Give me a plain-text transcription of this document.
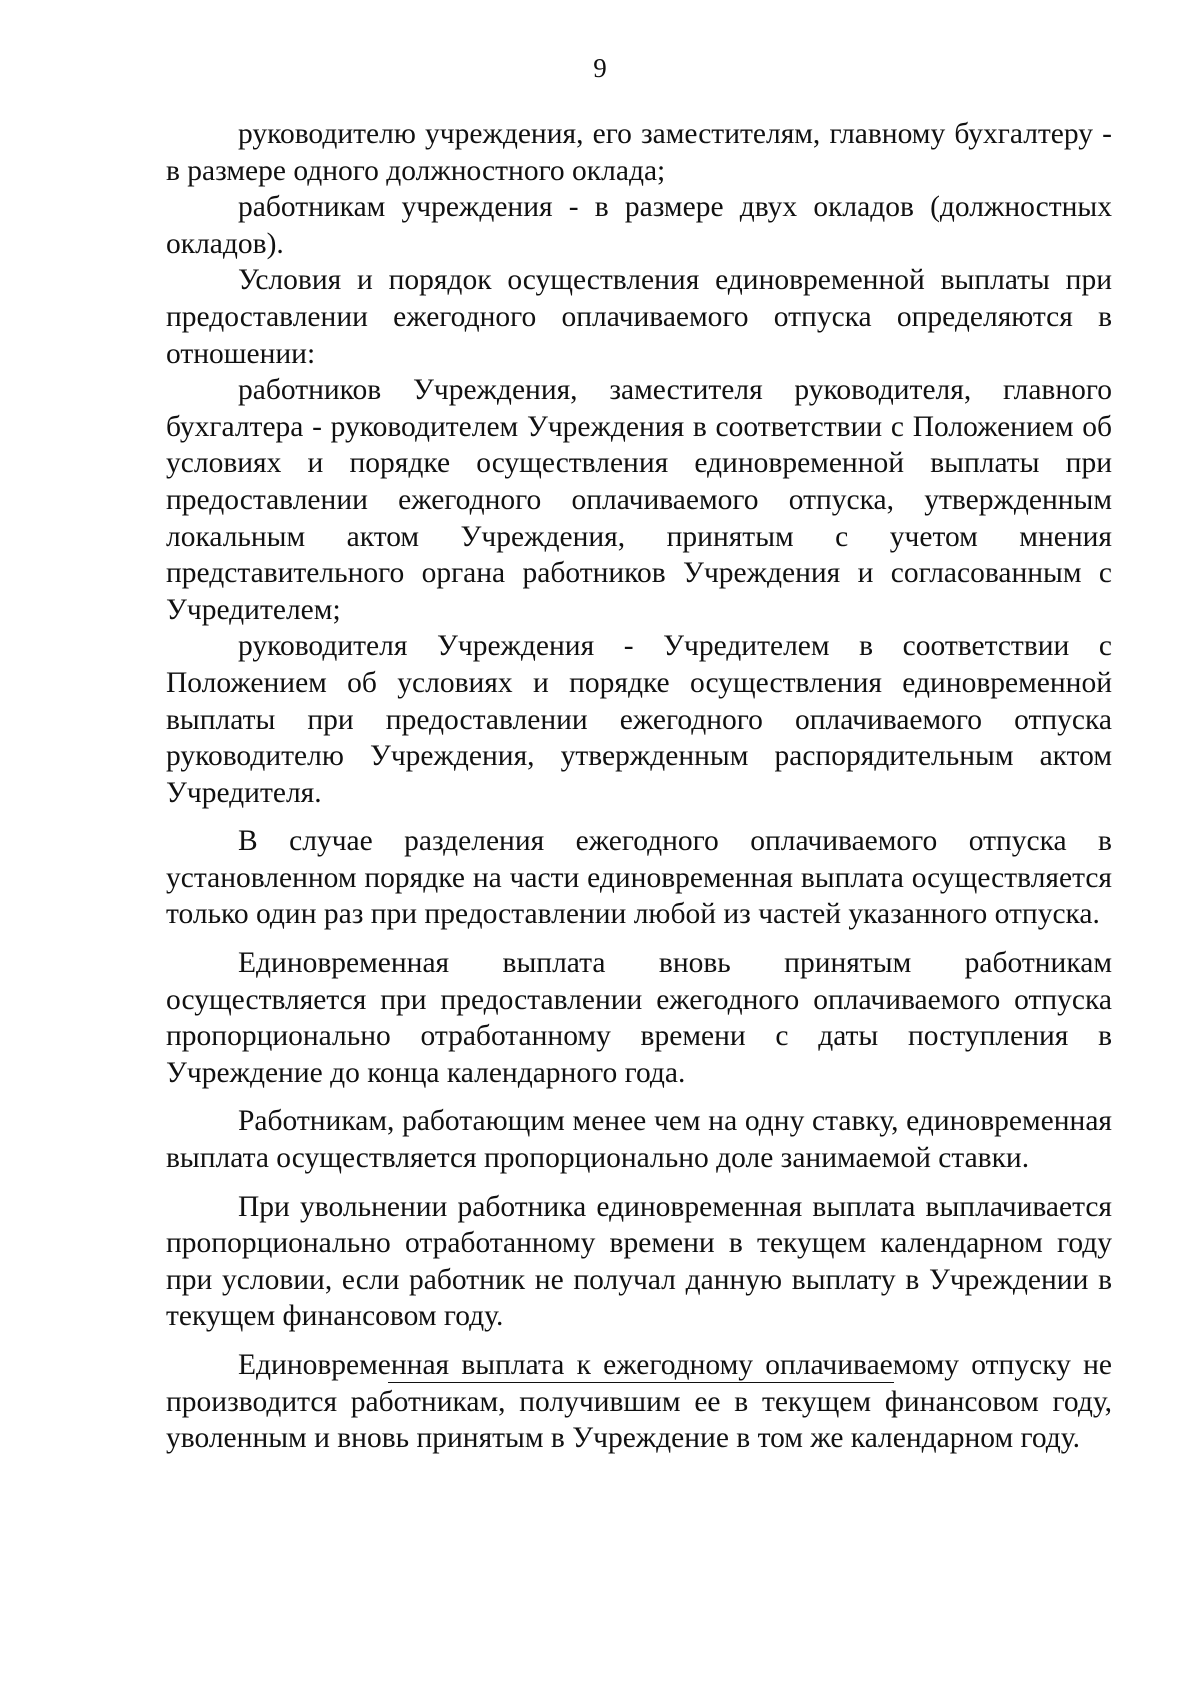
9

руководителю учреждения, его заместителям, главному бухгалтеру - в размере одного должностного оклада;

работникам учреждения - в размере двух окладов (должностных окладов).

Условия и порядок осуществления единовременной выплаты при предоставлении ежегодного оплачиваемого отпуска определяются в отношении:

работников Учреждения, заместителя руководителя, главного бухгалтера - руководителем Учреждения в соответствии с Положением об условиях и порядке осуществления единовременной выплаты при предоставлении ежегодного оплачиваемого отпуска, утвержденным локальным актом Учреждения, принятым с учетом мнения представительного органа работников Учреждения и согласованным с Учредителем;

руководителя Учреждения - Учредителем в соответствии с Положением об условиях и порядке осуществления единовременной выплаты при предоставлении ежегодного оплачиваемого отпуска руководителю Учреждения, утвержденным распорядительным актом Учредителя.

В случае разделения ежегодного оплачиваемого отпуска в установленном порядке на части единовременная выплата осуществляется только один раз при предоставлении любой из частей указанного отпуска.

Единовременная выплата вновь принятым работникам осуществляется при предоставлении ежегодного оплачиваемого отпуска пропорционально отработанному времени с даты поступления в Учреждение до конца календарного года.

Работникам, работающим менее чем на одну ставку, единовременная выплата осуществляется пропорционально доле занимаемой ставки.

При увольнении работника единовременная выплата выплачивается пропорционально отработанному времени в текущем календарном году при условии, если работник не получал данную выплату в Учреждении в текущем финансовом году.

Единовременная выплата к ежегодному оплачиваемому отпуску не производится работникам, получившим ее в текущем финансовом году, уволенным и вновь принятым в Учреждение в том же календарном году.
